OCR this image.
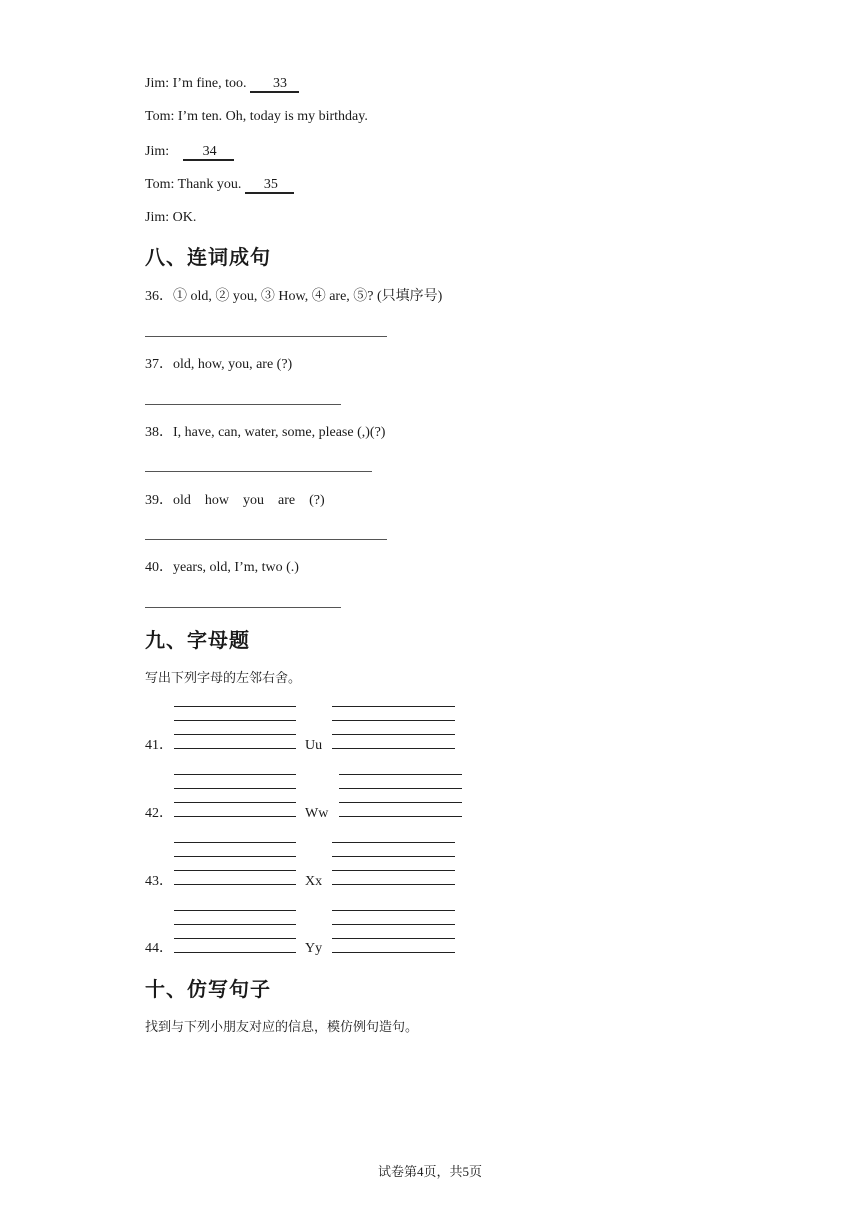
Jim: I’m fine, too. 33
Tom: I’m ten. Oh, today is my birthday.
Jim: 34
Tom: Thank you. 35
Jim: OK.
八、连词成句
36．① old, ② you, ③ How, ④ are, ⑤? (只填序号)
37．old, how, you, are (?)
38．I, have, can, water, some, please (,)(?)
39．old　how　you　are　(?)
40．years, old, I’m, two (.)
九、字母题
写出下列字母的左邻右舍。
41．	Uu
42．	Ww
43．	Xx
44．	Yy
十、仿写句子
找到与下列小朋友对应的信息，模仿例句造句。
试卷第4页，共5页
